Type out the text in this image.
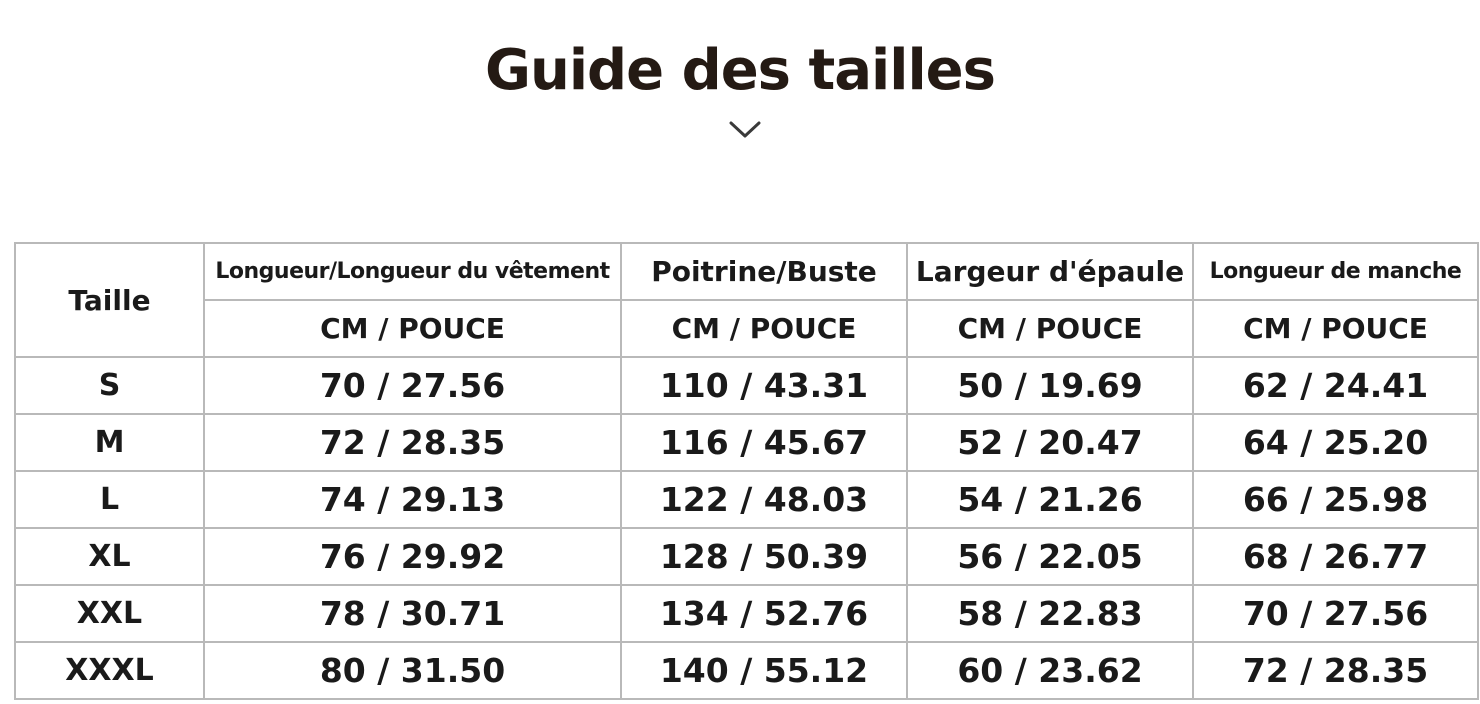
Guide des tailles
Taille	Longueur/Longueur du vêtement	Poitrine/Buste	Largeur d'épaule	Longueur de manche
	CM / POUCE	CM / POUCE	CM / POUCE	CM / POUCE
S	70 / 27.56	110 / 43.31	50 / 19.69	62 / 24.41
M	72 / 28.35	116 / 45.67	52 / 20.47	64 / 25.20
L	74 / 29.13	122 / 48.03	54 / 21.26	66 / 25.98
XL	76 / 29.92	128 / 50.39	56 / 22.05	68 / 26.77
XXL	78 / 30.71	134 / 52.76	58 / 22.83	70 / 27.56
XXXL	80 / 31.50	140 / 55.12	60 / 23.62	72 / 28.35
